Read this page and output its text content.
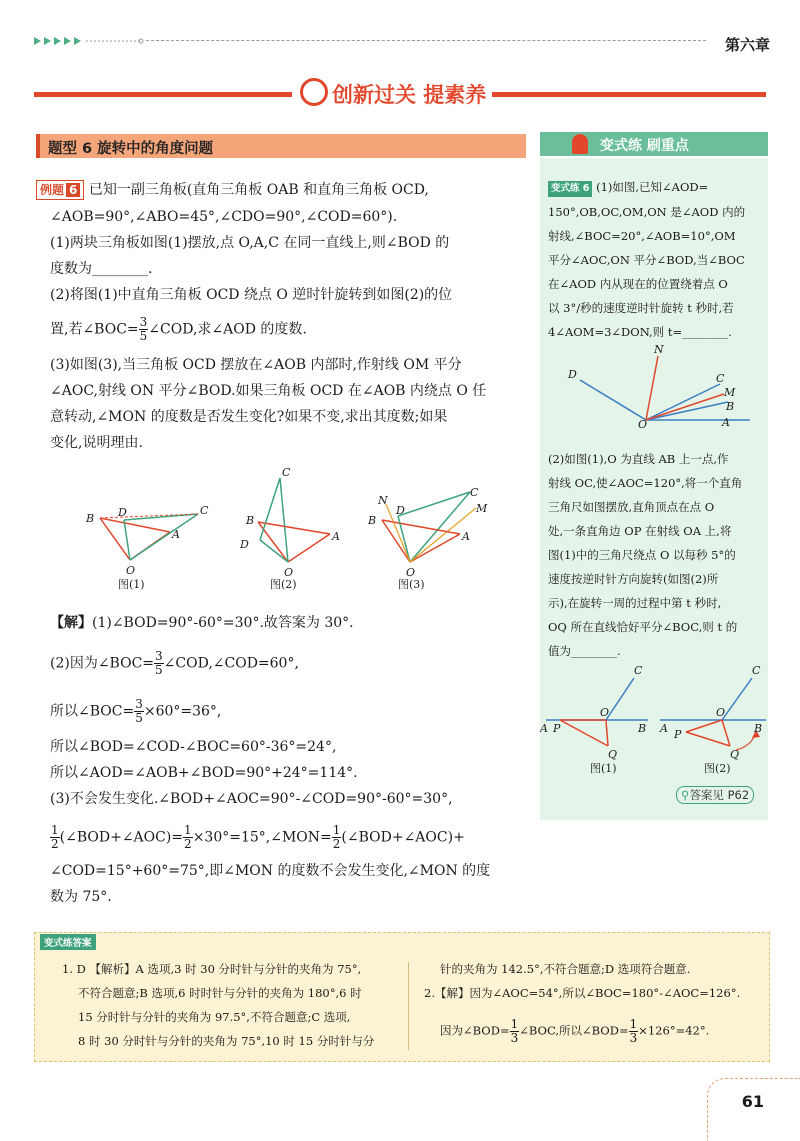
第六章
创新过关 提素养
题型 6 旋转中的角度问题
例题 6 已知一副三角板(直角三角板 OAB 和直角三角板 OCD,
∠AOB=90°,∠ABO=45°,∠CDO=90°,∠COD=60°).
(1)两块三角板如图(1)摆放,点 O,A,C 在同一直线上,则∠BOD 的
度数为________.
(2)将图(1)中直角三角板 OCD 绕点 O 逆时针旋转到如图(2)的位
置,若∠BOC= $\frac{3}{5}$ ∠COD,求∠AOD 的度数.
(3)如图(3),当三角板 OCD 摆放在∠AOB 内部时,作射线 OM 平分
∠AOC,射线 ON 平分∠BOD.如果三角板 OCD 在∠AOB 内绕点 O 任
意转动,∠MON 的度数是否发生变化?如果不变,求出其度数;如果
变化,说明理由.
B D	C
A
O
图(1)
C
B
A
D
O
图(2)
N
B
D
C
M
A
O
图(3)
【解】(1)∠BOD=90°-60°=30°.故答案为 30°.
(2)因为∠BOC= $\frac{3}{5}$ ∠COD,∠COD=60°,
所以∠BOC= $\frac{3}{5} \times 60^\circ=36^\circ$,
所以∠BOD=∠COD-∠BOC=60°-36°=24°,
所以∠AOD=∠AOB+∠BOD=90°+24°=114°.
(3)不会发生变化.∠BOD+∠AOC=90°-∠COD=90°-60°=30°,
$\frac{1}{2}$ (∠BOD+∠AOC)= $\frac{1}{2}$ ×30°=15°,∠MON= $\frac{1}{2}$ (∠BOD+∠AOC)+
∠COD=15°+60°=75°,即∠MON 的度数不会发生变化,∠MON 的度
数为 75°.
变式练 刷重点
变式练 6 (1)如图,已知∠AOD=
150°,OB,OC,OM,ON 是∠AOD 内的
射线,∠BOC=20°,∠AOB=10°,OM
平分∠AOC,ON 平分∠BOD,当∠BOC
在∠AOD 内从现在的位置绕着点 O
以 3°/秒的速度逆时针旋转 t 秒时,若
4∠AOM=3∠DON,则 t=________.
N
D	C
M
B
A
O
(2)如图(1),O 为直线 AB 上一点,作
射线 OC,使∠AOC=120°,将一个直角
三角尺如图摆放,直角顶点在点 O
处,一条直角边 OP 在射线 OA 上,将
图(1)中的三角尺绕点 O 以每秒 5°的
速度按逆时针方向旋转(如图(2)所
示),在旋转一周的过程中第 t 秒时,
OQ 所在直线恰好平分∠BOC,则 t 的
值为________.
A P
C
O
B
Q
图(1)
A P
C
O
B
Q
图(2)
⚲答案见 P62
变式练答案
1. D 【解析】A 选项,3 时 30 分时针与分针的夹角为 75°,
不符合题意;B 选项,6 时时针与分针的夹角为 180°,6 时
15 分时针与分针的夹角为 97.5°,不符合题意;C 选项,
8 时 30 分时针与分针的夹角为 75°,10 时 15 分时针与分
针的夹角为 142.5°,不符合题意;D 选项符合题意.
2.【解】因为∠AOC=54°,所以∠BOC=180°-∠AOC=126°.
因为∠BOD= $\frac{1}{3}$ ∠BOC,所以∠BOD= $\frac{1}{3} \times 126^\circ=42^\circ$.
61
